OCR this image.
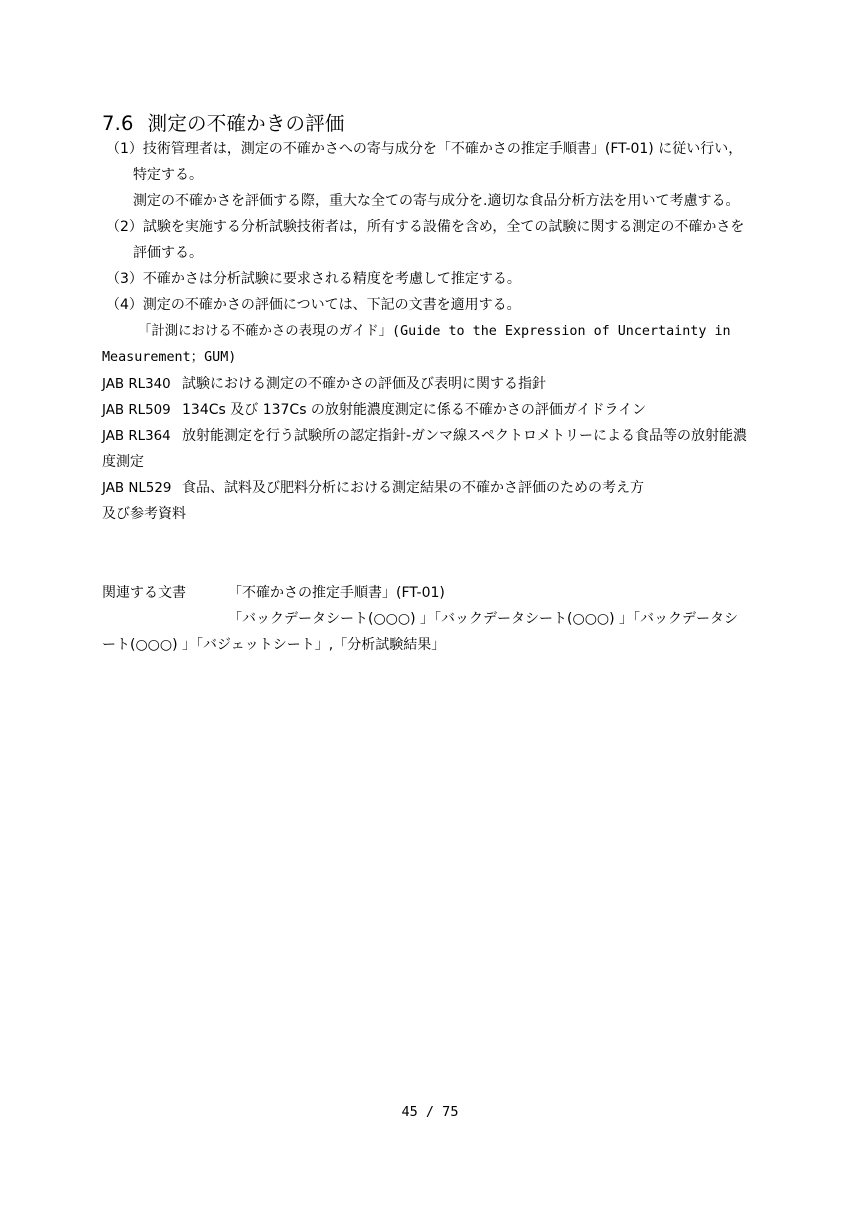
7.6 測定の不確かきの評価
（1）技術管理者は，測定の不確かさへの寄与成分を「不確かさの推定手順書」(FT-01) に従い行い，
特定する。
測定の不確かさを評価する際，重大な全ての寄与成分を.適切な食品分析方法を用いて考慮する。
（2）試験を実施する分析試験技術者は，所有する設備を含め，全ての試験に関する測定の不確かさを
評価する。
（3）不確かさは分析試験に要求される精度を考慮して推定する。
（4）測定の不確かさの評価については、下記の文書を適用する。
「計測における不確かさの表現のガイド」(Guide to the Expression of Uncertainty in
Measurement；GUM)
JAB RL340 試験における測定の不確かさの評価及び表明に関する指針
JAB RL509 134Cs 及び 137Cs の放射能濃度測定に係る不確かさの評価ガイドライン
JAB RL364 放射能測定を行う試験所の認定指針-ガンマ線スペクトロメトリーによる食品等の放射能濃
度測定
JAB NL529 食品、試料及び肥料分析における測定結果の不確かさ評価のための考え方
及び参考資料
関連する文書	「不確かさの推定手順書」(FT-01)
「バックデータシート(○○○) 」「バックデータシート(○○○) 」「バックデータシ
ート(○○○) 」「バジェットシート」,「分析試験結果」
45 / 75
